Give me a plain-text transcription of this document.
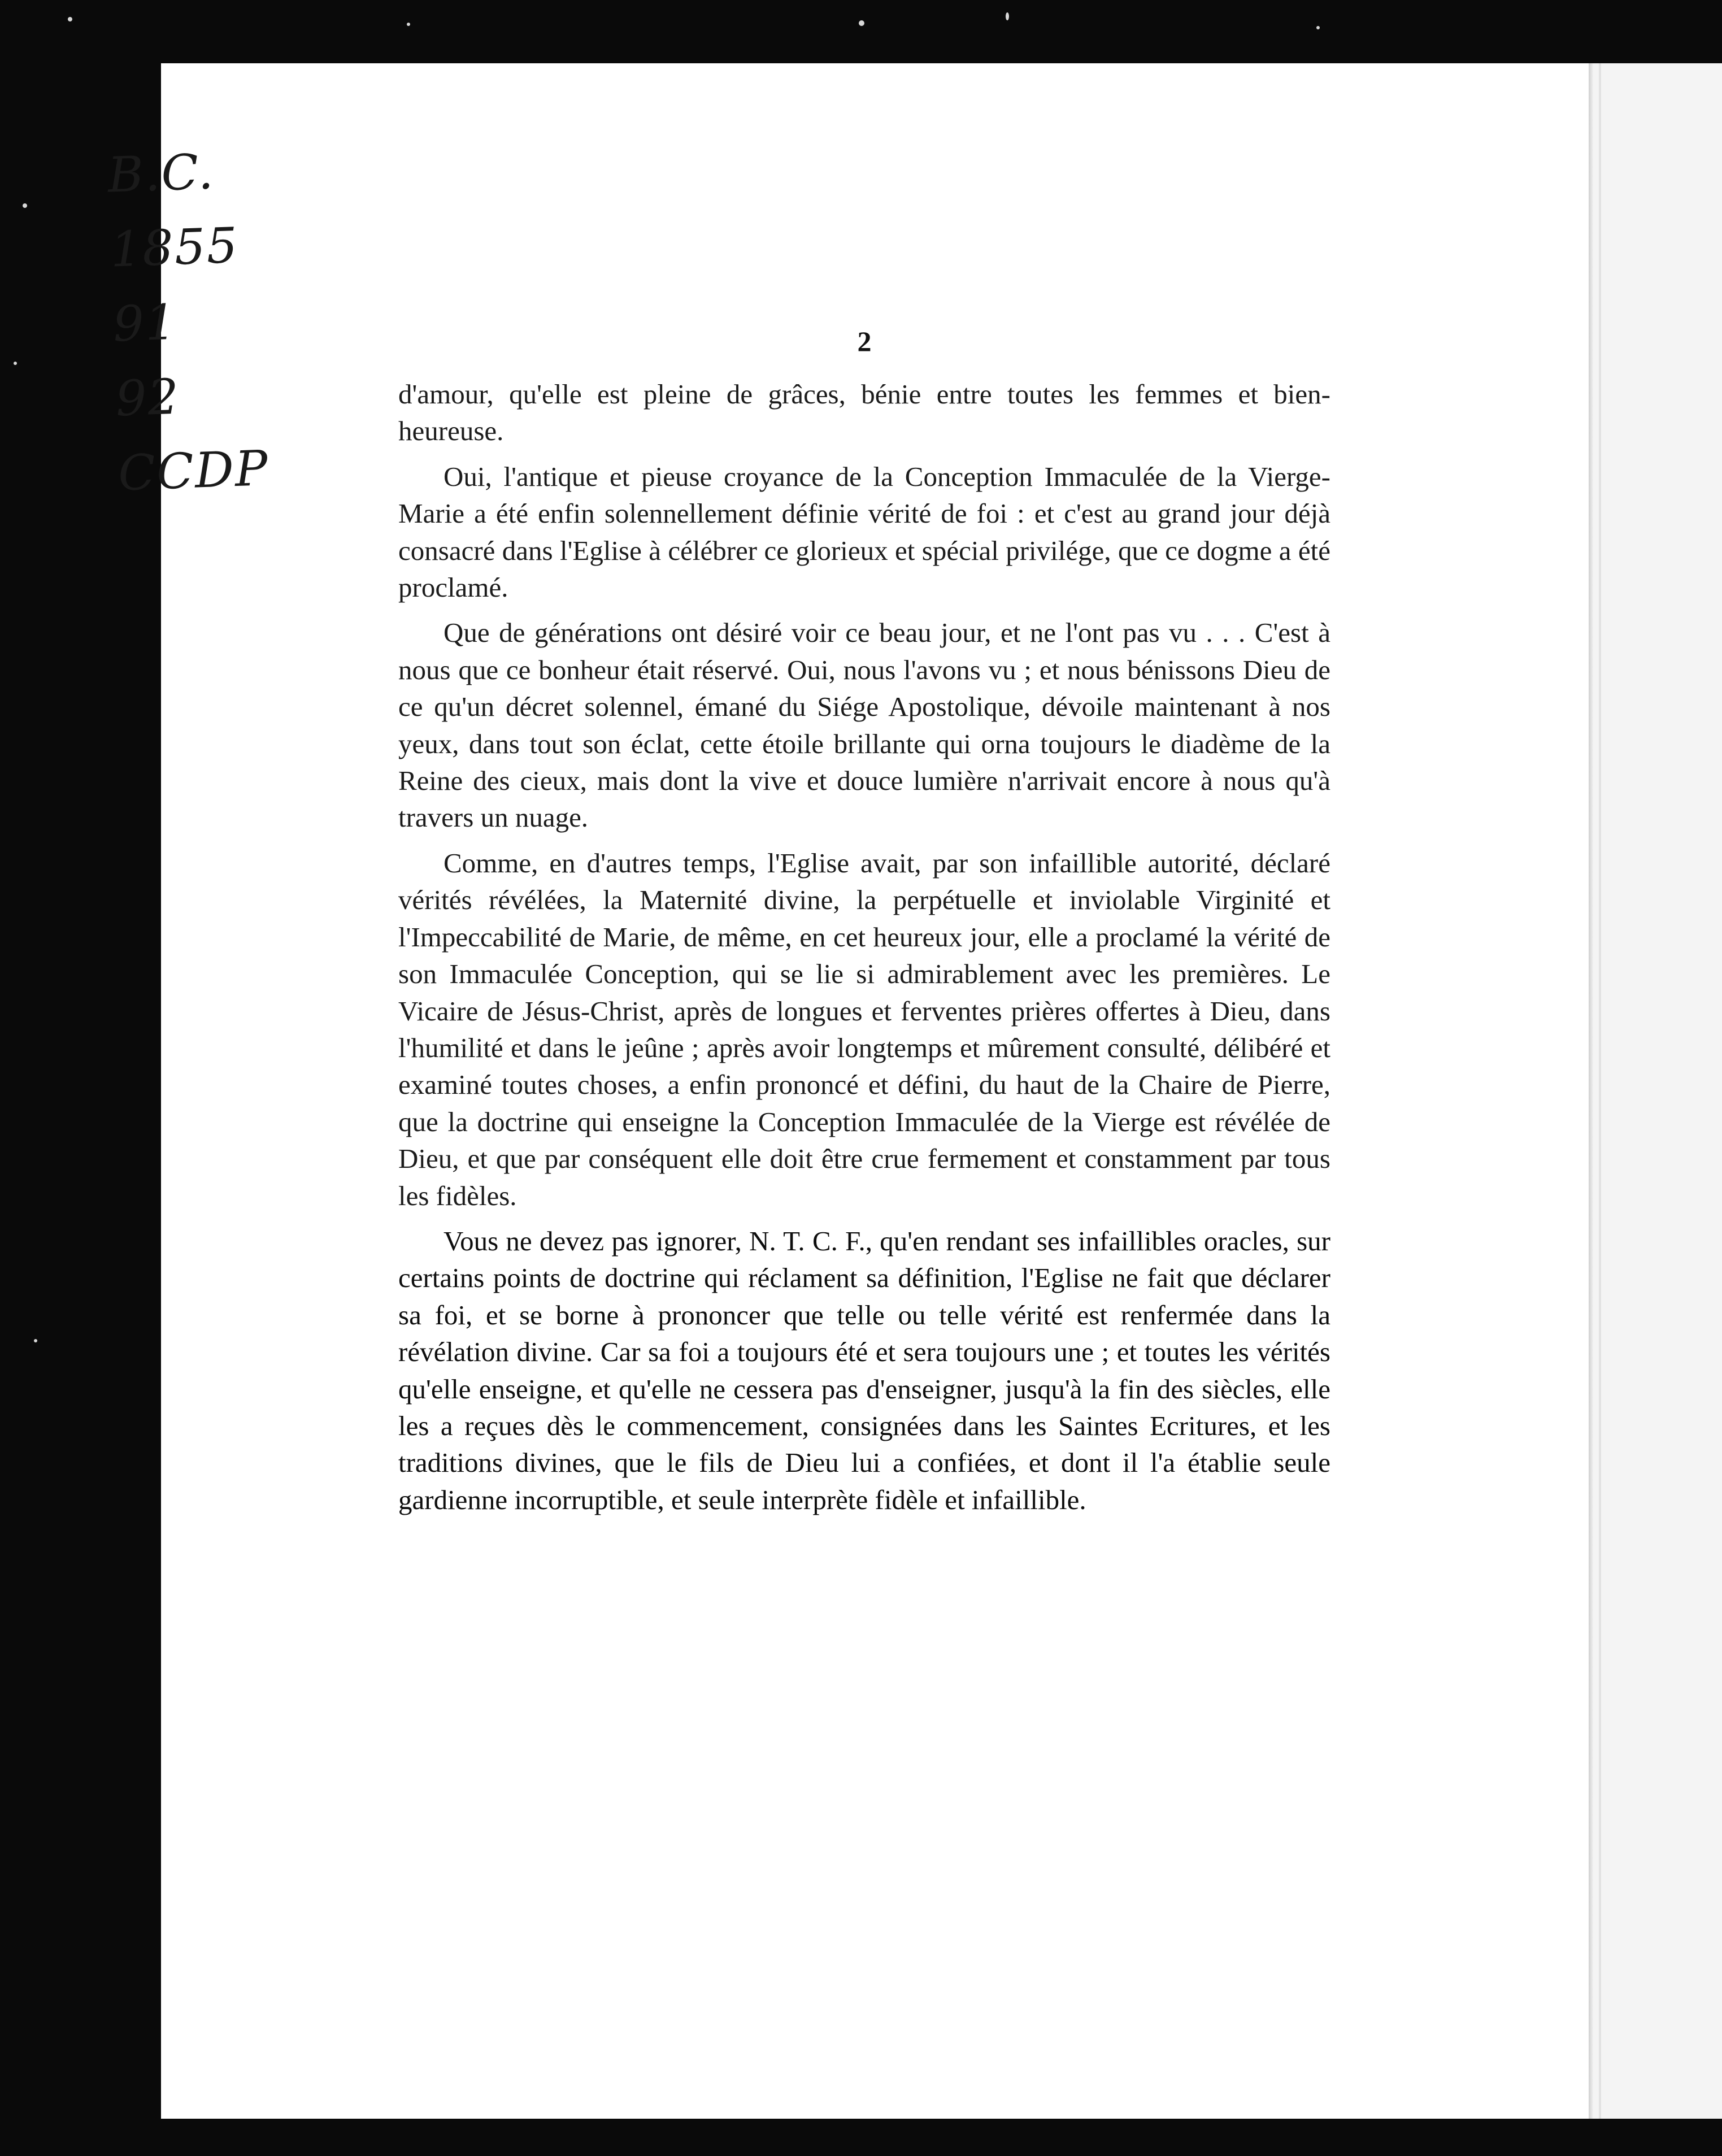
B.C.
1855
91
92
CCDP
2

d'amour, qu'elle est pleine de grâces, bénie entre toutes les femmes et bien-heureuse.

Oui, l'antique et pieuse croyance de la Conception Immaculée de la Vierge-Marie a été enfin solennellement définie vérité de foi : et c'est au grand jour déjà consacré dans l'Eglise à célébrer ce glorieux et spécial privilége, que ce dogme a été proclamé.

Que de générations ont désiré voir ce beau jour, et ne l'ont pas vu . . . C'est à nous que ce bonheur était réservé. Oui, nous l'avons vu ; et nous bénissons Dieu de ce qu'un décret solennel, émané du Siége Apostolique, dévoile maintenant à nos yeux, dans tout son éclat, cette étoile brillante qui orna toujours le diadème de la Reine des cieux, mais dont la vive et douce lumière n'arrivait encore à nous qu'à travers un nuage.

Comme, en d'autres temps, l'Eglise avait, par son infaillible autorité, déclaré vérités révélées, la Maternité divine, la perpétuelle et inviolable Virginité et l'Impeccabilité de Marie, de même, en cet heureux jour, elle a proclamé la vérité de son Immaculée Conception, qui se lie si admirablement avec les premières. Le Vicaire de Jésus-Christ, après de longues et ferventes prières offertes à Dieu, dans l'humilité et dans le jeûne ; après avoir longtemps et mûrement consulté, délibéré et examiné toutes choses, a enfin prononcé et défini, du haut de la Chaire de Pierre, que la doctrine qui enseigne la Conception Immaculée de la Vierge est révélée de Dieu, et que par conséquent elle doit être crue fermement et constamment par tous les fidèles.

Vous ne devez pas ignorer, N. T. C. F., qu'en rendant ses infaillibles oracles, sur certains points de doctrine qui réclament sa définition, l'Eglise ne fait que déclarer sa foi, et se borne à prononcer que telle ou telle vérité est renfermée dans la révélation divine. Car sa foi a toujours été et sera toujours une ; et toutes les vérités qu'elle enseigne, et qu'elle ne cessera pas d'enseigner, jusqu'à la fin des siècles, elle les a reçues dès le commencement, consignées dans les Saintes Ecritures, et les traditions divines, que le fils de Dieu lui a confiées, et dont il l'a établie seule gardienne incorruptible, et seule interprète fidèle et infaillible.
